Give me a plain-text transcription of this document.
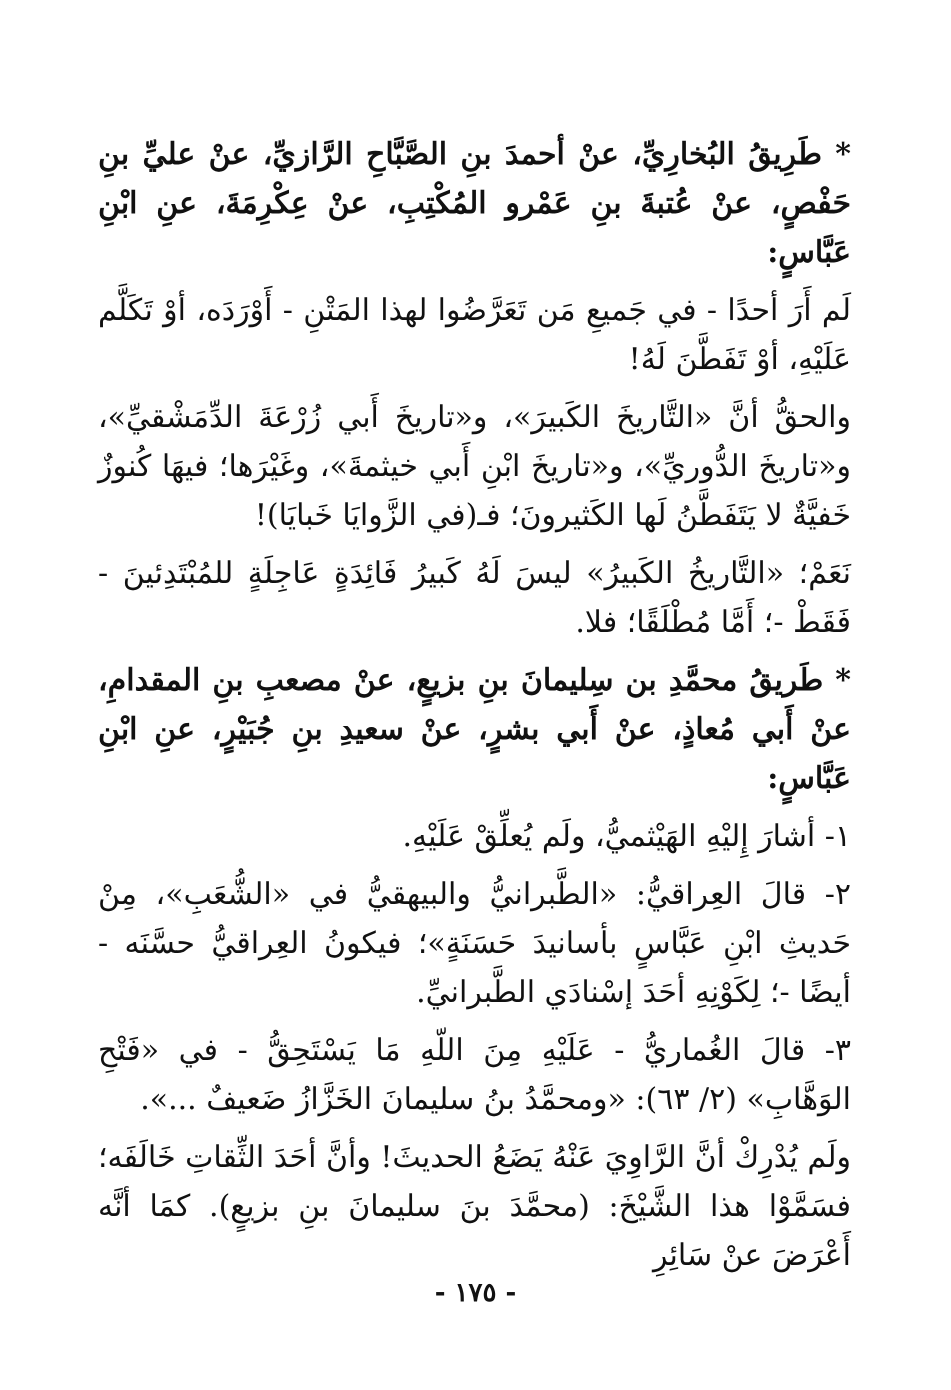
* طَرِيقُ البُخارِيِّ، عنْ أحمدَ بنِ الصَّبَّاحِ الرَّازيِّ، عنْ عليِّ بنِ حَفْصٍ، عنْ عُتبةَ بنِ عَمْرو المُكْتِبِ، عنْ عِكْرِمَةَ، عنِ ابْنِ عَبَّاسٍ:

لَم أَرَ أحدًا - في جَميعِ مَن تَعَرَّضُوا لهذا المَتْنِ - أَوْرَدَه، أوْ تَكَلَّم عَلَيْهِ، أوْ تَفَطَّنَ لَهُ!

والحقُّ أنَّ «التَّاريخَ الكَبيرَ»، و«تاريخَ أَبي زُرْعَةَ الدِّمَشْقيِّ»، و«تاريخَ الدُّوريِّ»، و«تاريخَ ابْنِ أَبي خيثمةَ»، وغَيْرَها؛ فيهَا كُنوزٌ خَفيَّةٌ لا يَتَفَطَّنُ لَها الكَثيرونَ؛ فـ(في الزَّوايَا خَبايَا)!

نَعَمْ؛ «التَّاريخُ الكَبيرُ» ليسَ لَهُ كَبيرُ فَائِدَةٍ عَاجِلَةٍ للمُبْتَدِئينَ - فَقَطْ -؛ أَمَّا مُطْلَقًا؛ فلا.

* طَريقُ محمَّدِ بن سِليمانَ بنِ بزيعٍ، عنْ مصعبِ بنِ المقدامِ، عنْ أَبي مُعاذٍ، عنْ أَبي بشرٍ، عنْ سعيدِ بنِ جُبَيْرٍ، عنِ ابْنِ عَبَّاسٍ:

١- أشارَ إِليْهِ الهَيْثميُّ، ولَم يُعلِّقْ عَلَيْهِ.

٢- قالَ العِراقيُّ: «الطَّبرانيُّ والبيهقيُّ في «الشُّعَبِ»، مِنْ حَديثِ ابْنِ عَبَّاسٍ بأسانيدَ حَسَنَةٍ»؛ فيكونُ العِراقيُّ حسَّنَه - أيضًا -؛ لِكَوْنِهِ أحَدَ إسْنادَي الطَّبرانيِّ.

٣- قالَ الغُماريُّ - عَلَيْهِ مِنَ اللّهِ مَا يَسْتَحِقُّ - في «فَتْحِ الوَهَّابِ» (٢/ ٦٣): «ومحمَّدُ بنُ سليمانَ الخَزَّازُ ضَعيفٌ ...».

ولَم يُدْرِكْ أنَّ الرَّاوِيَ عَنْهُ يَضَعُ الحديثَ! وأنَّ أحَدَ الثِّقاتِ خَالَفَه؛ فسَمَّوْا هذا الشَّيْخَ: (محمَّدَ بنَ سليمانَ بنِ بزيعٍ). كمَا أنَّه أَعْرَضَ عنْ سَائِرِ

- ١٧٥ -
